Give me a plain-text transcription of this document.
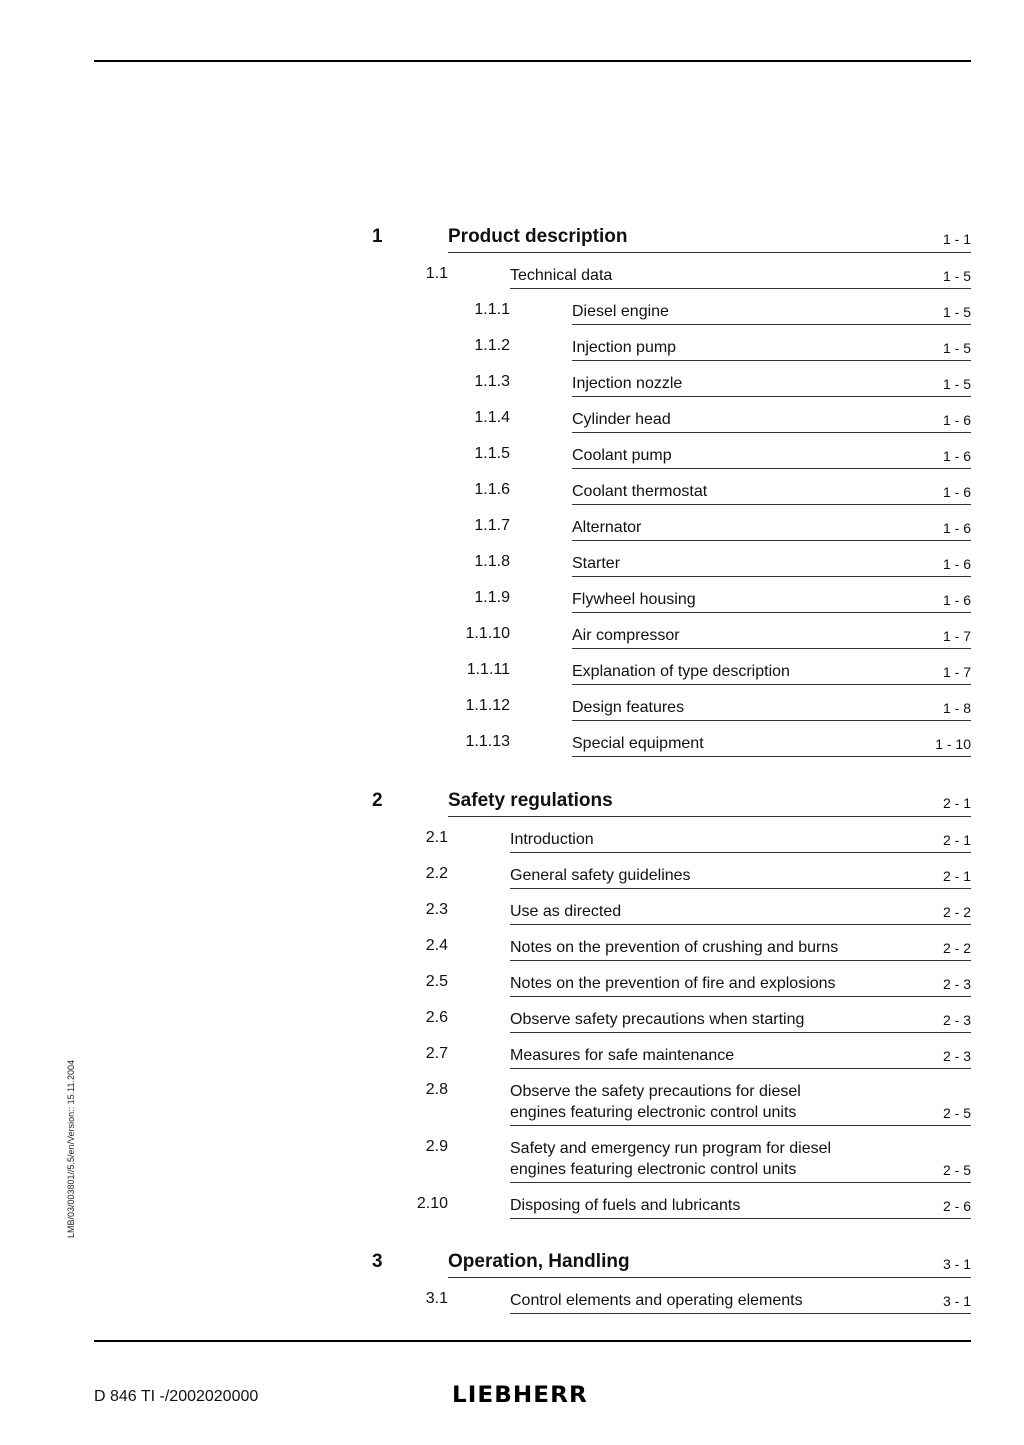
1	Product description	1 - 1
1.1	Technical data	1 - 5
1.1.1	Diesel engine	1 - 5
1.1.2	Injection pump	1 - 5
1.1.3	Injection nozzle	1 - 5
1.1.4	Cylinder head	1 - 6
1.1.5	Coolant pump	1 - 6
1.1.6	Coolant thermostat	1 - 6
1.1.7	Alternator	1 - 6
1.1.8	Starter	1 - 6
1.1.9	Flywheel housing	1 - 6
1.1.10	Air compressor	1 - 7
1.1.11	Explanation of type description	1 - 7
1.1.12	Design features	1 - 8
1.1.13	Special equipment	1 - 10
2	Safety regulations	2 - 1
2.1	Introduction	2 - 1
2.2	General safety guidelines	2 - 1
2.3	Use as directed	2 - 2
2.4	Notes on the prevention of crushing and burns	2 - 2
2.5	Notes on the prevention of fire and explosions	2 - 3
2.6	Observe safety precautions when starting	2 - 3
2.7	Measures for safe maintenance	2 - 3
2.8	Observe the safety precautions for diesel
engines featuring electronic control units	2 - 5
2.9	Safety and emergency run program for diesel
engines featuring electronic control units	2 - 5
2.10	Disposing of fuels and lubricants	2 - 6
3	Operation, Handling	3 - 1
3.1	Control elements and operating elements	3 - 1
LMB/03/003801//5.5/en/Version:: 15.11.2004
D 846 TI -/2002020000	LIEBHERR
